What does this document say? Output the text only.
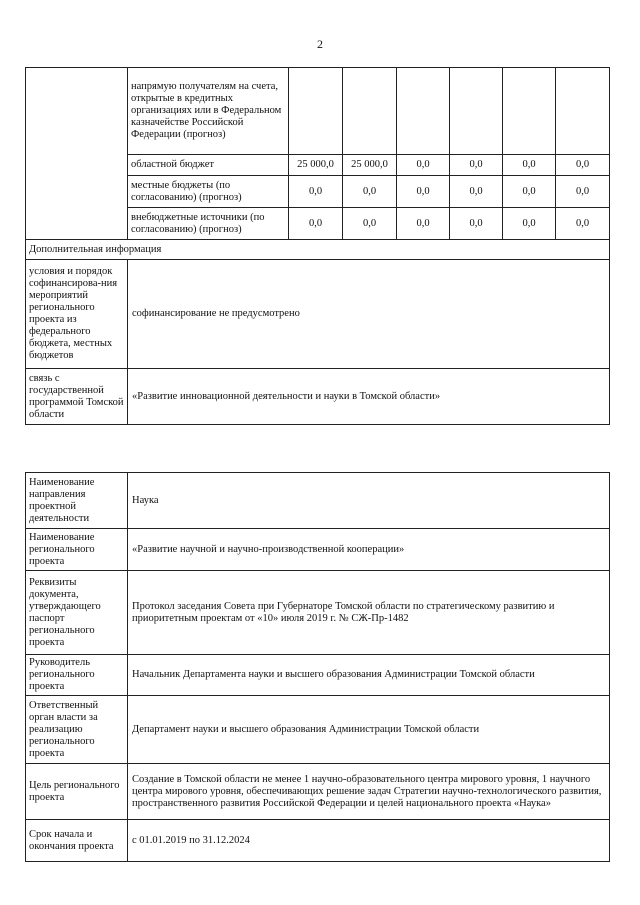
2
	напрямую получателям на счета, открытые в кредитных организациях или в Федеральном казначействе Российской Федерации (прогноз)						
	областной бюджет	25 000,0	25 000,0	0,0	0,0	0,0	0,0
	местные бюджеты (по согласованию) (прогноз)	0,0	0,0	0,0	0,0	0,0	0,0
	внебюджетные источники (по согласованию) (прогноз)	0,0	0,0	0,0	0,0	0,0	0,0
Дополнительная информация							
условия и порядок софинансирова-ния мероприятий регионального проекта из федерального бюджета, местных бюджетов	софинансирование не предусмотрено						
связь с государственной программой Томской области	«Развитие инновационной деятельности и науки в Томской области»						
Наименование направления проектной деятельности	Наука
Наименование регионального проекта	«Развитие научной и научно-производственной кооперации»
Реквизиты документа, утверждающего паспорт регионального проекта	Протокол заседания Совета при Губернаторе Томской области по стратегическому развитию и приоритетным проектам от «10» июля 2019 г. № СЖ-Пр-1482
Руководитель регионального проекта	Начальник Департамента науки и высшего образования Администрации Томской области
Ответственный орган власти за реализацию регионального проекта	Департамент науки и высшего образования Администрации Томской области
Цель регионального проекта	Создание в Томской области не менее 1 научно-образовательного центра мирового уровня, 1 научного центра мирового уровня, обеспечивающих решение задач Стратегии научно-технологического развития, пространственного развития Российской Федерации и целей национального проекта «Наука»
Срок начала и окончания проекта	с 01.01.2019 по 31.12.2024
